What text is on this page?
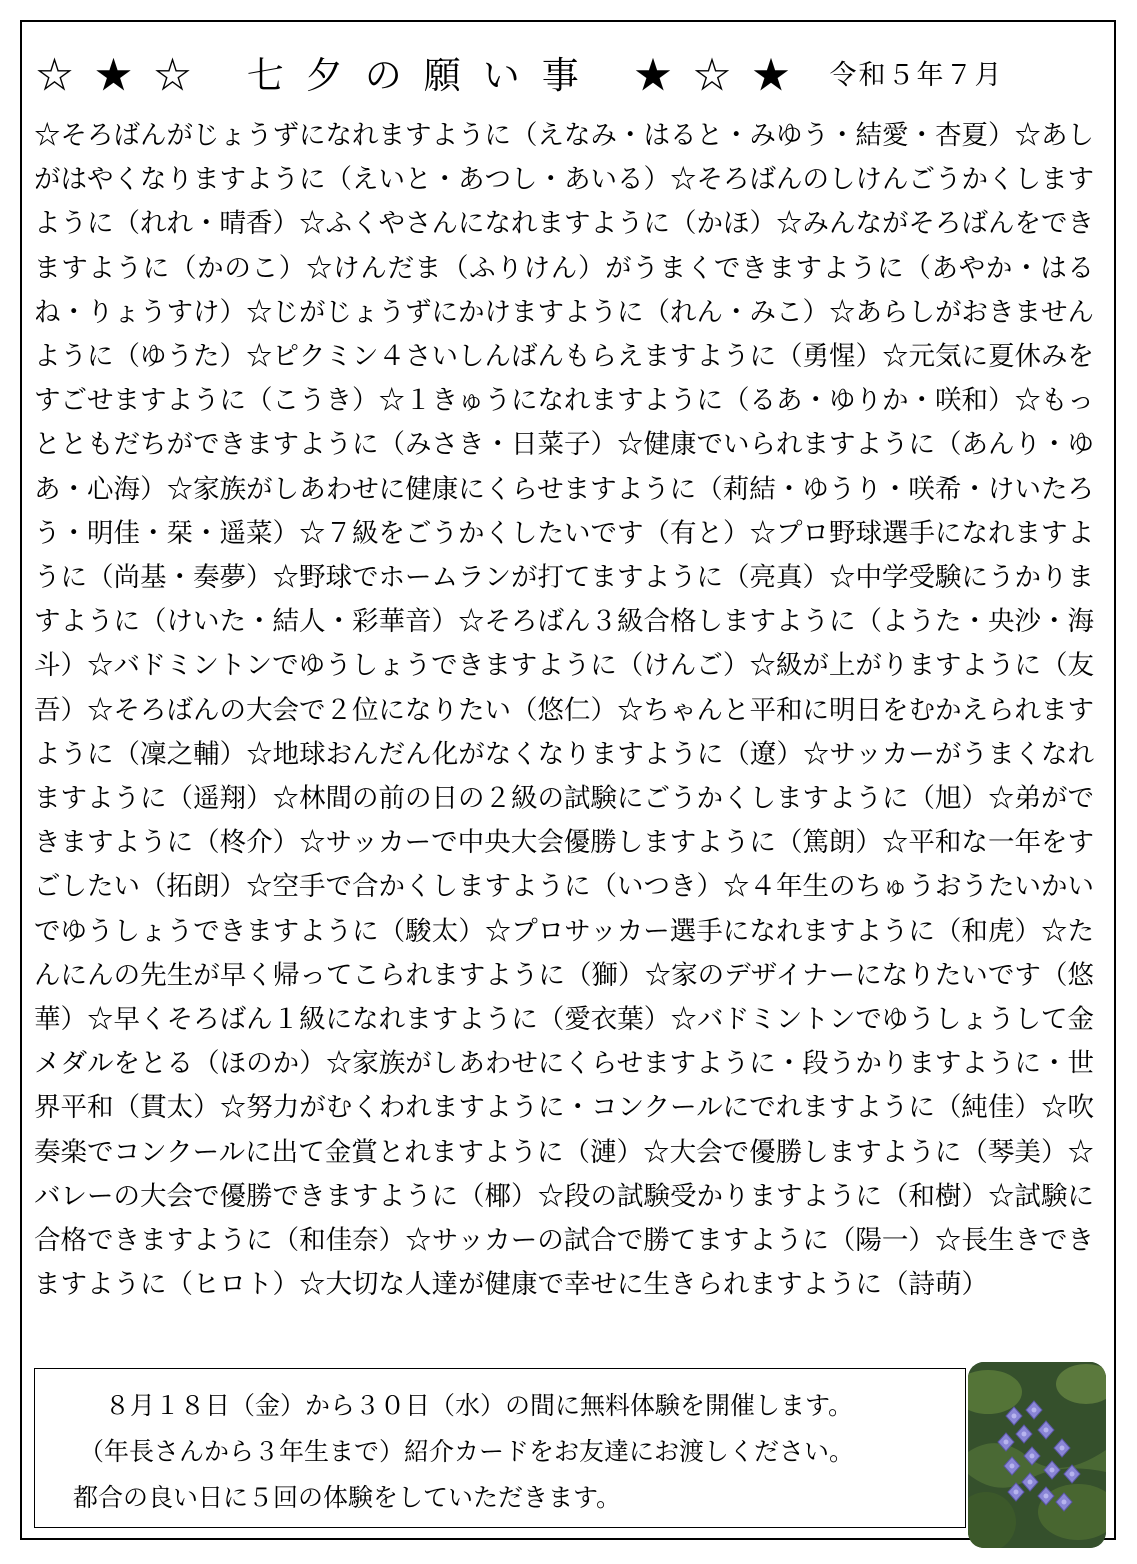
☆★☆ 七夕の願い事 ★☆★ 令和５年７月
☆そろばんがじょうずになれますように（えなみ・はると・みゆう・結愛・杏夏）☆あしがはやくなりますように（えいと・あつし・あいる）☆そろばんのしけんごうかくしますように（れれ・晴香）☆ふくやさんになれますように（かほ）☆みんながそろばんをできますように（かのこ）☆けんだま（ふりけん）がうまくできますように（あやか・はるね・りょうすけ）☆じがじょうずにかけますように（れん・みこ）☆あらしがおきませんように（ゆうた）☆ピクミン４さいしんばんもらえますように（勇惺）☆元気に夏休みをすごせますように（こうき）☆１きゅうになれますように（るあ・ゆりか・咲和）☆もっとともだちができますように（みさき・日菜子）☆健康でいられますように（あんり・ゆあ・心海）☆家族がしあわせに健康にくらせますように（莉結・ゆうり・咲希・けいたろう・明佳・栞・遥菜）☆７級をごうかくしたいです（有と）☆プロ野球選手になれますように（尚基・奏夢）☆野球でホームランが打てますように（亮真）☆中学受験にうかりますように（けいた・結人・彩華音）☆そろばん３級合格しますように（ようた・央沙・海斗）☆バドミントンでゆうしょうできますように（けんご）☆級が上がりますように（友吾）☆そろばんの大会で２位になりたい（悠仁）☆ちゃんと平和に明日をむかえられますように（凜之輔）☆地球おんだん化がなくなりますように（遼）☆サッカーがうまくなれますように（遥翔）☆林間の前の日の２級の試験にごうかくしますように（旭）☆弟ができますように（柊介）☆サッカーで中央大会優勝しますように（篤朗）☆平和な一年をすごしたい（拓朗）☆空手で合かくしますように（いつき）☆４年生のちゅうおうたいかいでゆうしょうできますように（駿太）☆プロサッカー選手になれますように（和虎）☆たんにんの先生が早く帰ってこられますように（獅）☆家のデザイナーになりたいです（悠華）☆早くそろばん１級になれますように（愛衣葉）☆バドミントンでゆうしょうして金メダルをとる（ほのか）☆家族がしあわせにくらせますように・段うかりますように・世界平和（貫太）☆努力がむくわれますように・コンクールにでれますように（純佳）☆吹奏楽でコンクールに出て金賞とれますように（漣）☆大会で優勝しますように（琴美）☆バレーの大会で優勝できますように（椰）☆段の試験受かりますように（和樹）☆試験に合格できますように（和佳奈）☆サッカーの試合で勝てますように（陽一）☆長生きできますように（ヒロト）☆大切な人達が健康で幸せに生きられますように（詩萌）
８月１８日（金）から３０日（水）の間に無料体験を開催します。
（年長さんから３年生まで）紹介カードをお友達にお渡しください。
都合の良い日に５回の体験をしていただきます。
